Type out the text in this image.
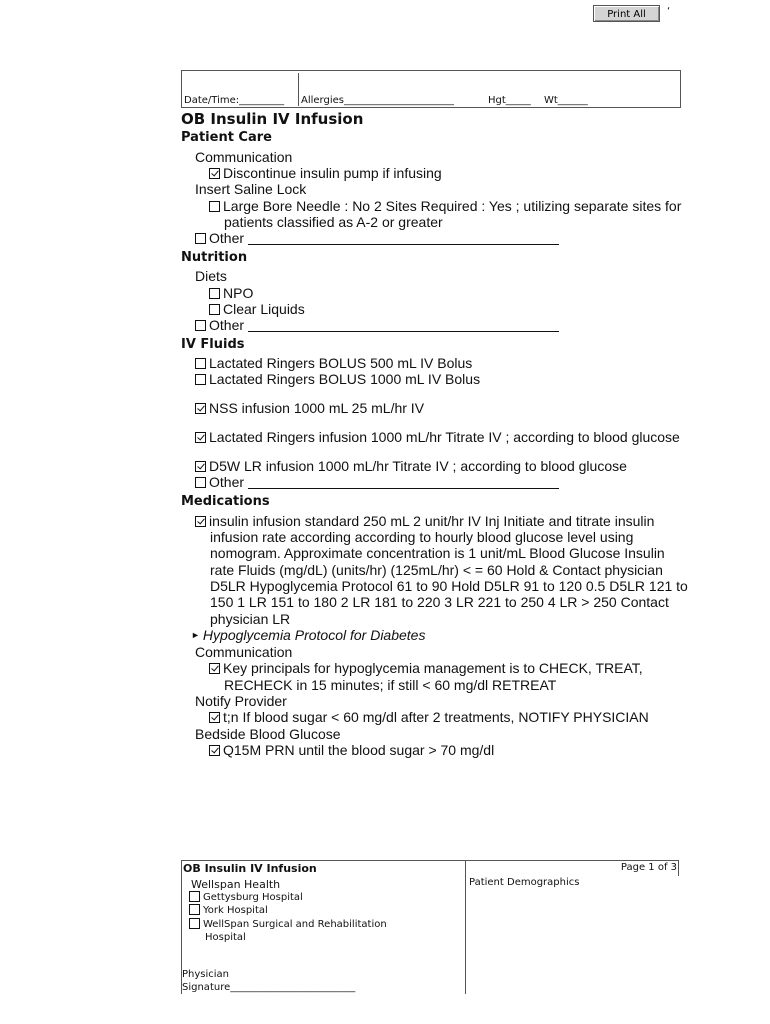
Print All	‘
Date/Time:_________ Allergies______________________	Hgt_____ Wt______
OB Insulin IV Infusion
Patient Care
Communication
Discontinue insulin pump if infusing
Insert Saline Lock
Large Bore Needle : No 2 Sites Required : Yes ; utilizing separate sites for
patients classified as A-2 or greater
Other
Nutrition
Diets
NPO
Clear Liquids
Other
IV Fluids
Lactated Ringers BOLUS 500 mL IV Bolus
Lactated Ringers BOLUS 1000 mL IV Bolus
NSS infusion 1000 mL 25 mL/hr IV
Lactated Ringers infusion 1000 mL/hr Titrate IV ; according to blood glucose
D5W LR infusion 1000 mL/hr Titrate IV ; according to blood glucose
Other
Medications
insulin infusion standard 250 mL 2 unit/hr IV Inj Initiate and titrate insulin
infusion rate according according to hourly blood glucose level using
nomogram. Approximate concentration is 1 unit/mL Blood Glucose Insulin
rate Fluids (mg/dL) (units/hr) (125mL/hr) < = 60 Hold & Contact physician
D5LR Hypoglycemia Protocol 61 to 90 Hold D5LR 91 to 120 0.5 D5LR 121 to
150 1 LR 151 to 180 2 LR 181 to 220 3 LR 221 to 250 4 LR > 250 Contact
physician LR
► Hypoglycemia Protocol for Diabetes
Communication
Key principals for hypoglycemia management is to CHECK, TREAT,
RECHECK in 15 minutes; if still < 60 mg/dl RETREAT
Notify Provider
t;n If blood sugar < 60 mg/dl after 2 treatments, NOTIFY PHYSICIAN
Bedside Blood Glucose
Q15M PRN until the blood sugar > 70 mg/dl
OB Insulin IV Infusion	Page 1 of 3
Wellspan Health	Patient Demographics
Gettysburg Hospital
York Hospital
WellSpan Surgical and Rehabilitation
Hospital
Physician
Signature_________________________
